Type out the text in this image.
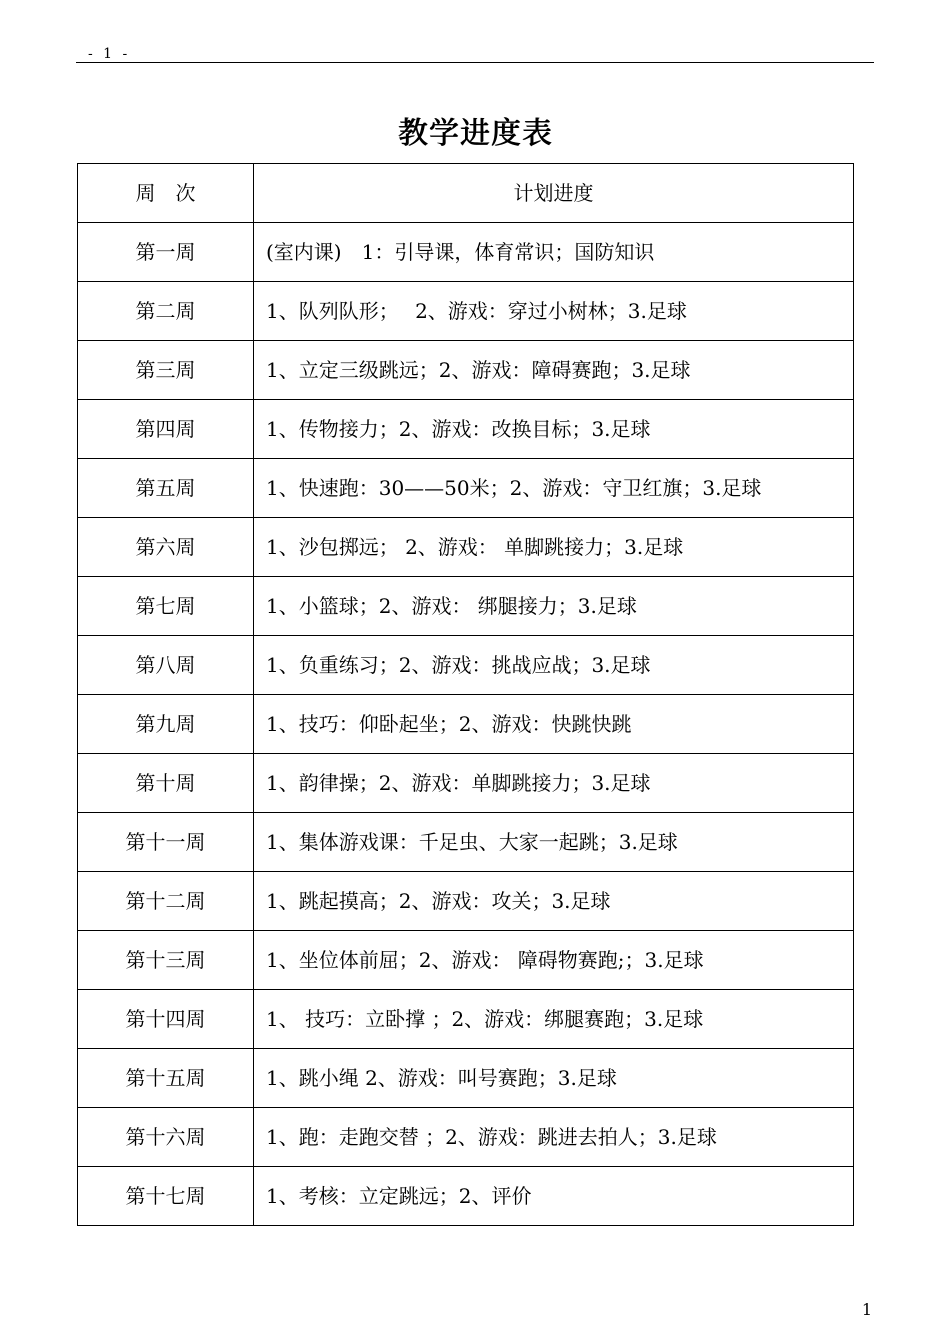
- 1 -
教学进度表
周　次	计划进度
第一周	(室内课)　1：引导课，体育常识；国防知识
第二周	1、队列队形；　 2、游戏：穿过小树林；3.足球
第三周	1、立定三级跳远；2、游戏：障碍赛跑；3.足球
第四周	1、传物接力；2、游戏：改换目标；3.足球
第五周	1、快速跑：30——50米；2、游戏：守卫红旗；3.足球
第六周	1、沙包掷远； 2、游戏： 单脚跳接力；3.足球
第七周	1、小篮球；2、游戏： 绑腿接力；3.足球
第八周	1、负重练习；2、游戏：挑战应战；3.足球
第九周	1、技巧：仰卧起坐；2、游戏：快跳快跳
第十周	1、韵律操；2、游戏：单脚跳接力；3.足球
第十一周	1、集体游戏课：千足虫、大家一起跳；3.足球
第十二周	1、跳起摸高；2、游戏：攻关；3.足球
第十三周	1、坐位体前屈；2、游戏： 障碍物赛跑;；3.足球
第十四周	1、 技巧：立卧撑 ；2、游戏：绑腿赛跑；3.足球
第十五周	1、跳小绳 2、游戏：叫号赛跑；3.足球
第十六周	1、跑：走跑交替 ；2、游戏：跳进去拍人；3.足球
第十七周	1、考核：立定跳远；2、评价
1
